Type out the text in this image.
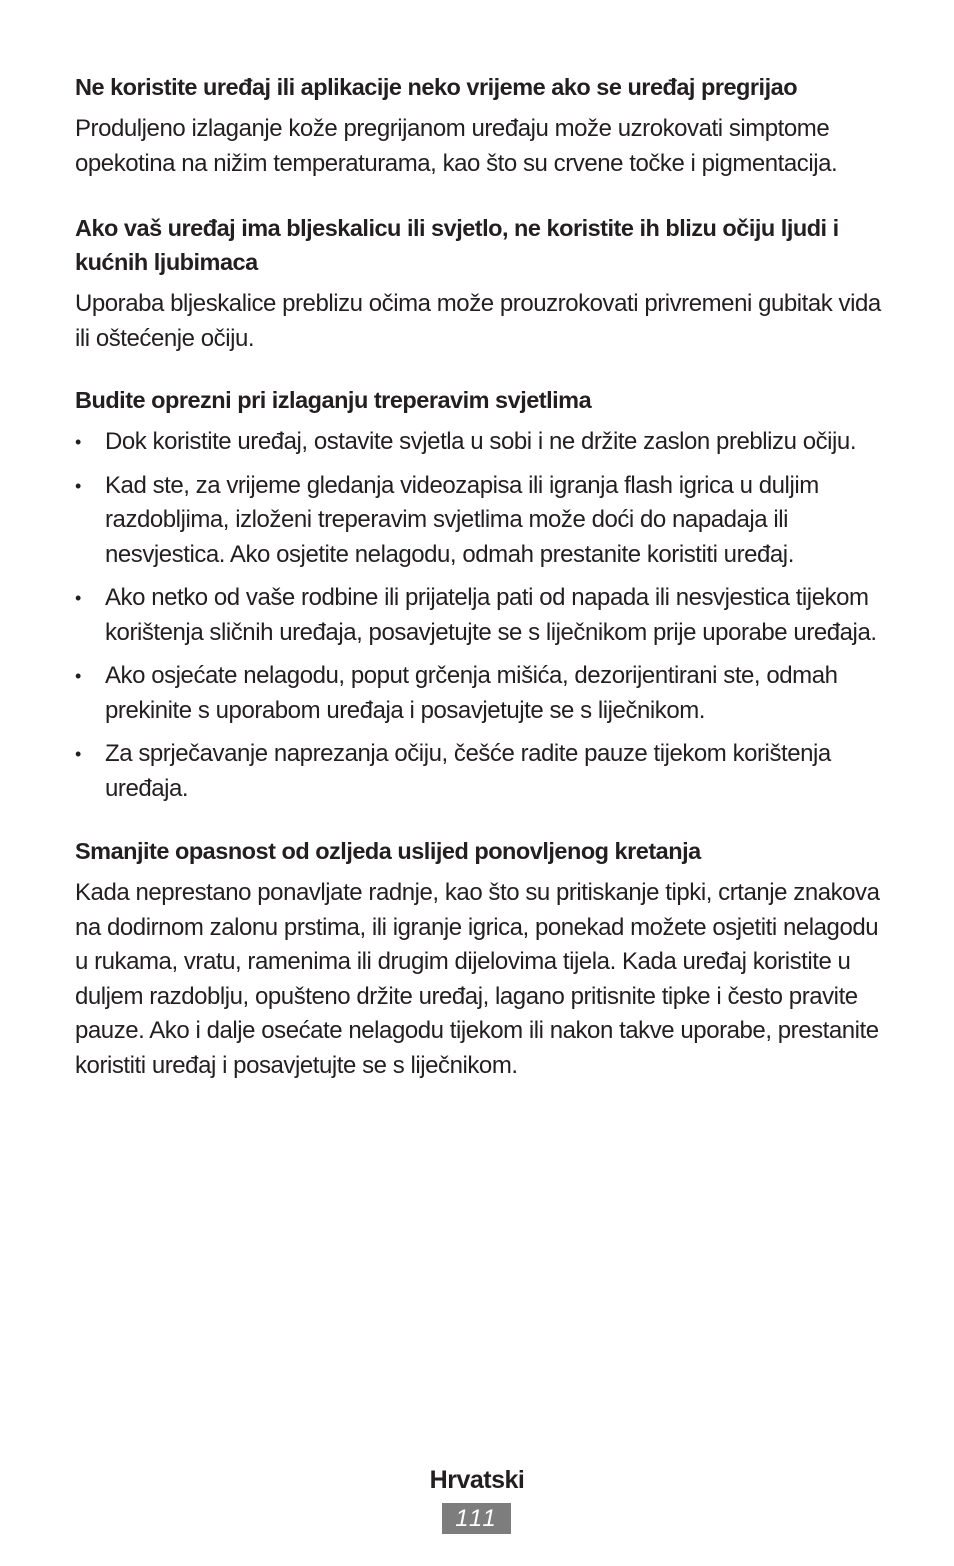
Ne koristite uređaj ili aplikacije neko vrijeme ako se uređaj pregrijao

Produljeno izlaganje kože pregrijanom uređaju može uzrokovati simptome opekotina na nižim temperaturama, kao što su crvene točke i pigmentacija.

Ako vaš uređaj ima bljeskalicu ili svjetlo, ne koristite ih blizu očiju ljudi i kućnih ljubimaca

Uporaba bljeskalice preblizu očima može prouzrokovati privremeni gubitak vida ili oštećenje očiju.

Budite oprezni pri izlaganju treperavim svjetlima
• Dok koristite uređaj, ostavite svjetla u sobi i ne držite zaslon preblizu očiju.
• Kad ste, za vrijeme gledanja videozapisa ili igranja flash igrica u duljim razdobljima, izloženi treperavim svjetlima može doći do napadaja ili nesvjestica. Ako osjetite nelagodu, odmah prestanite koristiti uređaj.
• Ako netko od vaše rodbine ili prijatelja pati od napada ili nesvjestica tijekom korištenja sličnih uređaja, posavjetujte se s liječnikom prije uporabe uređaja.
• Ako osjećate nelagodu, poput grčenja mišića, dezorijentirani ste, odmah prekinite s uporabom uređaja i posavjetujte se s liječnikom.
• Za sprječavanje naprezanja očiju, češće radite pauze tijekom korištenja uređaja.
Smanjite opasnost od ozljeda uslijed ponovljenog kretanja

Kada neprestano ponavljate radnje, kao što su pritiskanje tipki, crtanje znakova na dodirnom zalonu prstima, ili igranje igrica, ponekad možete osjetiti nelagodu u rukama, vratu, ramenima ili drugim dijelovima tijela. Kada uređaj koristite u duljem razdoblju, opušteno držite uređaj, lagano pritisnite tipke i često pravite pauze. Ako i dalje osećate nelagodu tijekom ili nakon takve uporabe, prestanite koristiti uređaj i posavjetujte se s liječnikom.

Hrvatski
111
